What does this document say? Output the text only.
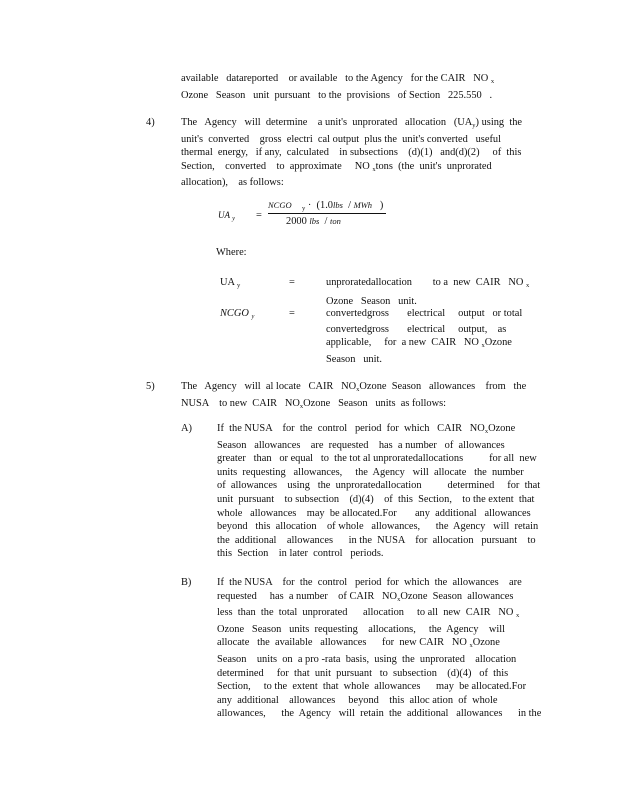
available   datareported    or available   to the Agency   for the CAIR   NO $_x$

Ozone   Season   unit  pursuant   to the  provisions   of Section   225.550   .

4)	The   Agency   will  determine    a unit's  unprorated   allocation   $(UA_y)$ using  the

unit's  converted    gross  electri  cal output  plus the  unit's converted   useful

thermal  energy,   if any,  calculated    in subsections    (d)(1)   and(d)(2)     of  this

Section,    converted    to  approximate     NO $_x$tons  (the  unit's  unprorated

allocation),    as follows:

UA $_y$ =
NCGO $_y$ · (1.0lbs / MWh )
2000 lbs / ton
Where:
UA $_y$	=	unproratedallocation        to a  new  CAIR   NO $_x$

Ozone   Season   unit.

NCGO $_y$	=	convertedgross       electrical     output   or total

convertedgross       electrical     output,    as

applicable,     for  a new  CAIR   NO $_x$Ozone

Season   unit.

5)	The   Agency   will  al locate   CAIR   $NO_xOzone$  Season   allowances    from   the

NUSA    to new  CAIR   $NO_xOzone$   Season   units  as follows:

A) If  the NUSA    for  the  control   period  for  which   CAIR   $NO_xOzone$

Season   allowances    are  requested    has  a number   of  allowances

greater   than   or equal   to  the tot al unproratedallocations          for all  new

units  requesting   allowances,     the  Agency   will  allocate   the  number

of  allowances    using   the  unproratedallocation          determined     for  that

unit  pursuant    to subsection    (d)(4)    of  this  Section,    to the extent  that

whole   allowances    may  be allocated.For       any  additional   allowances

beyond   this  allocation    of whole   allowances,      the  Agency   will  retain

the  additional    allowances      in the  NUSA    for  allocation   pursuant    to

this  Section    in later  control   periods.

B) If  the NUSA    for  the  control   period  for  which  the  allowances    are

requested     has  a number    of CAIR   $NO_xOzone$  Season  allowances

less  than  the  total  unprorated      allocation     to all  new  CAIR   NO $_x$

Ozone   Season   units  requesting    allocations,     the  Agency    will

allocate   the  available   allowances      for  new CAIR   NO $_x$Ozone

Season    units  on  a pro -rata  basis,  using  the  unprorated    allocation

determined     for  that  unit  pursuant   to  subsection    (d)(4)   of  this

Section,     to the  extent  that  whole  allowances      may  be allocated.For

any  additional    allowances     beyond    this  alloc ation  of  whole

allowances,      the  Agency   will  retain  the  additional   allowances      in the
